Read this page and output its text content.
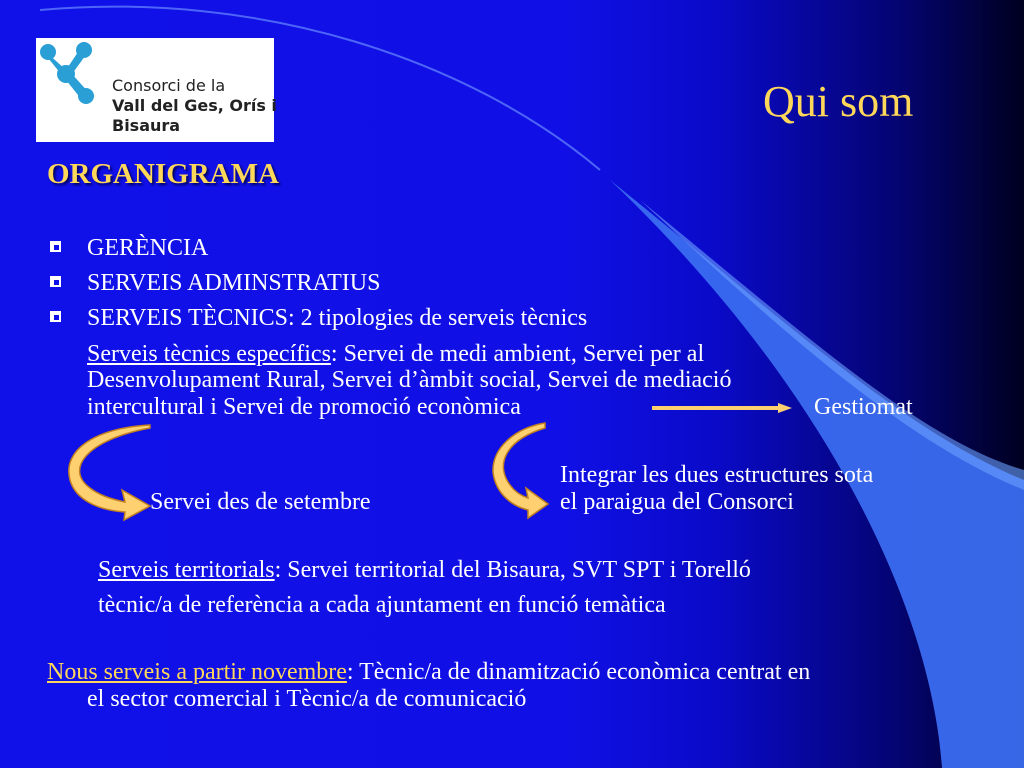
Consorci de la
Vall del Ges, Orís i
Bisaura	Qui som
ORGANIGRAMA
GERÈNCIA
SERVEIS ADMINSTRATIUS
SERVEIS TÈCNICS: 2 tipologies de serveis tècnics
Serveis tècnics específics: Servei de medi ambient, Servei per al
Desenvolupament Rural, Servei d’àmbit social, Servei de mediació
intercultural i Servei de promoció econòmica	Gestiomat
Servei des de setembre
Integrar les dues estructures sota
el paraigua del Consorci
Serveis territorials: Servei territorial del Bisaura, SVT SPT i Torelló
tècnic/a de referència a cada ajuntament en funció temàtica
Nous serveis a partir novembre: Tècnic/a de dinamització econòmica centrat en
el sector comercial i Tècnic/a de comunicació
